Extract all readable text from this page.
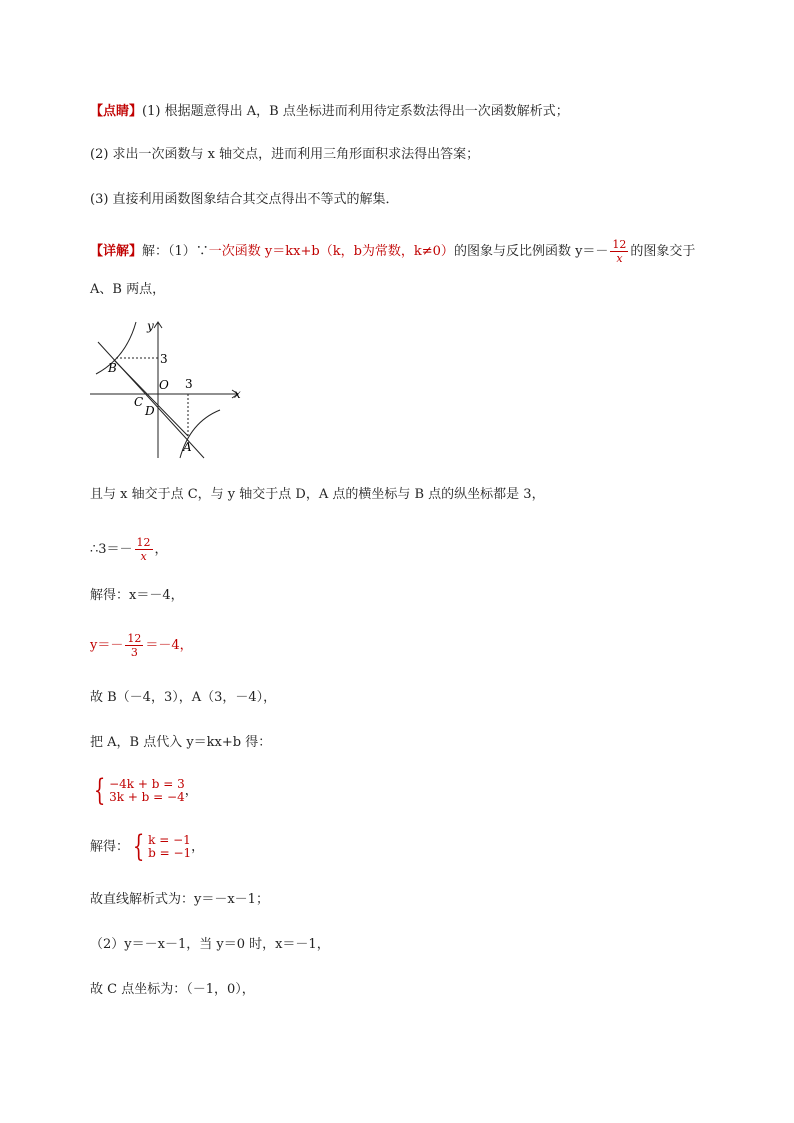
【点睛】(1) 根据题意得出 A，B 点坐标进而利用待定系数法得出一次函数解析式；
(2) 求出一次函数与 x 轴交点，进而利用三角形面积求法得出答案；
(3) 直接利用函数图象结合其交点得出不等式的解集．
【详解】解：（1）∵一次函数 y＝kx+b（k，b为常数，k≠0）的图象与反比例函数 $y=- \frac{12}{x}$ 的图象交于
A、B 两点，
y
x
O
3
3
B
C
D
A
且与 x 轴交于点 C，与 y 轴交于点 D，A 点的横坐标与 B 点的纵坐标都是 3，
∴3＝－ $\frac{12}{x}$ ，
解得：x＝－4，
$y=- \frac{12}{3} =-4$，
故 B（－4，3），A（3，－4），
把 A，B 点代入 y＝kx+b 得：
{ −4k + b = 3
3k + b = −4 ，
解得： { k = −1
b = −1 ，
故直线解析式为：y＝－x－1；
（2）y＝－x－1，当 y＝0 时，x＝－1，
故 C 点坐标为：（－1，0），
